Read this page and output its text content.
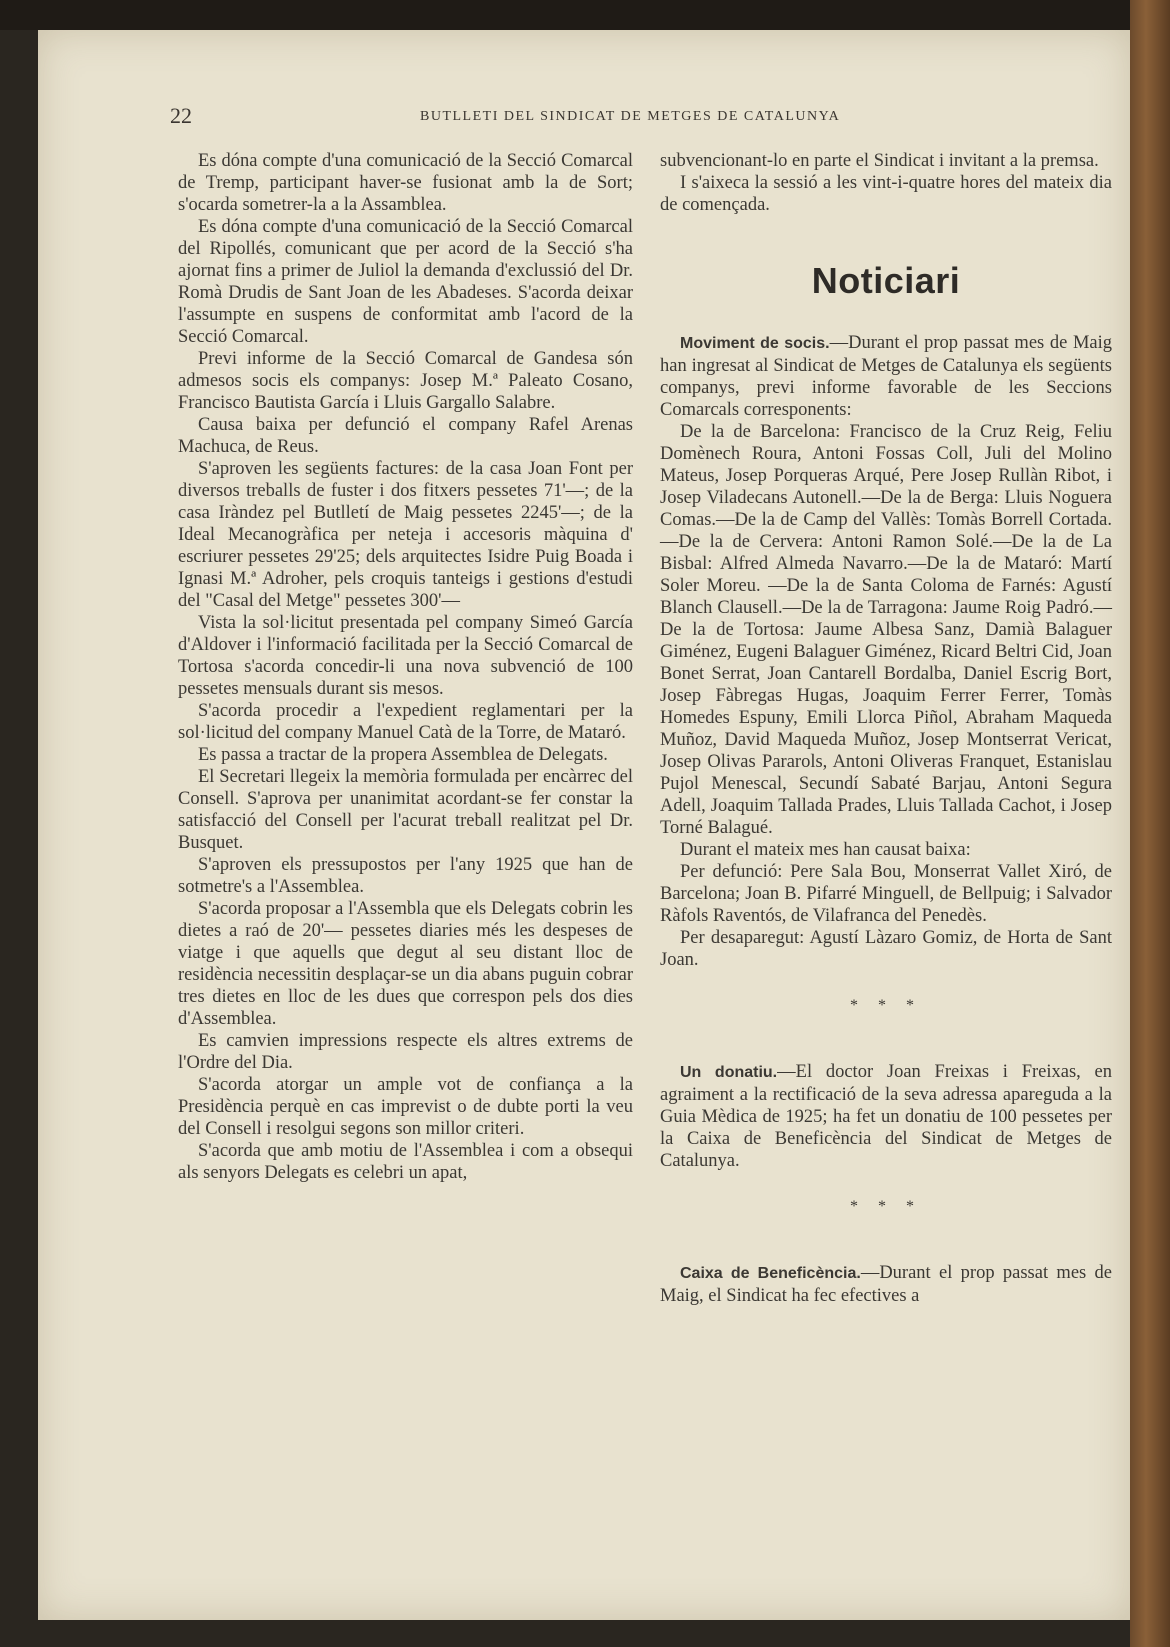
22	BUTLLETI DEL SINDICAT DE METGES DE CATALUNYA

Es dóna compte d'una comunicació de la Secció Comarcal de Tremp, participant haver-se fusionat amb la de Sort; s'ocarda sometrer-la a la Assamblea.

Es dóna compte d'una comunicació de la Secció Comarcal del Ripollés, comunicant que per acord de la Secció s'ha ajornat fins a primer de Juliol la demanda d'exclussió del Dr. Romà Drudis de Sant Joan de les Abadeses. S'acorda deixar l'assumpte en suspens de conformitat amb l'acord de la Secció Comarcal.

Previ informe de la Secció Comarcal de Gandesa són admesos socis els companys: Josep M.ª Paleato Cosano, Francisco Bautista García i Lluis Gargallo Salabre.

Causa baixa per defunció el company Rafel Arenas Machuca, de Reus.

S'aproven les següents factures: de la casa Joan Font per diversos treballs de fuster i dos fitxers pessetes 71'—; de la casa Iràndez pel Butlletí de Maig pessetes 2245'—; de la Ideal Mecanogràfica per neteja i accesoris màquina d' escriurer pessetes 29'25; dels arquitectes Isidre Puig Boada i Ignasi M.ª Adroher, pels croquis tanteigs i gestions d'estudi del "Casal del Metge" pessetes 300'—

Vista la sol·licitut presentada pel company Simeó García d'Aldover i l'informació facilitada per la Secció Comarcal de Tortosa s'acorda concedir-li una nova subvenció de 100 pessetes mensuals durant sis mesos.

S'acorda procedir a l'expedient reglamentari per la sol·licitud del company Manuel Catà de la Torre, de Mataró.

Es passa a tractar de la propera Assemblea de Delegats.

El Secretari llegeix la memòria formulada per encàrrec del Consell. S'aprova per unanimitat acordant-se fer constar la satisfacció del Consell per l'acurat treball realitzat pel Dr. Busquet.

S'aproven els pressupostos per l'any 1925 que han de sotmetre's a l'Assemblea.

S'acorda proposar a l'Assembla que els Delegats cobrin les dietes a raó de 20'— pessetes diaries més les despeses de viatge i que aquells que degut al seu distant lloc de residència necessitin desplaçar-se un dia abans puguin cobrar tres dietes en lloc de les dues que correspon pels dos dies d'Assemblea.

Es camvien impressions respecte els altres extrems de l'Ordre del Dia.

S'acorda atorgar un ample vot de confiança a la Presidència perquè en cas imprevist o de dubte porti la veu del Consell i resolgui segons son millor criteri.

S'acorda que amb motiu de l'Assemblea i com a obsequi als senyors Delegats es celebri un apat,

subvencionant-lo en parte el Sindicat i invitant a la premsa.

I s'aixeca la sessió a les vint-i-quatre hores del mateix dia de començada.

Noticiari

Moviment de socis.—Durant el prop passat mes de Maig han ingresat al Sindicat de Metges de Catalunya els següents companys, previ informe favorable de les Seccions Comarcals corresponents:

De la de Barcelona: Francisco de la Cruz Reig, Feliu Domènech Roura, Antoni Fossas Coll, Juli del Molino Mateus, Josep Porqueras Arqué, Pere Josep Rullàn Ribot, i Josep Viladecans Autonell.—De la de Berga: Lluis Noguera Comas.—De la de Camp del Vallès: Tomàs Borrell Cortada.—De la de Cervera: Antoni Ramon Solé.—De la de La Bisbal: Alfred Almeda Navarro.—De la de Mataró: Martí Soler Moreu. —De la de Santa Coloma de Farnés: Agustí Blanch Clausell.—De la de Tarragona: Jaume Roig Padró.—De la de Tortosa: Jaume Albesa Sanz, Damià Balaguer Giménez, Eugeni Balaguer Giménez, Ricard Beltri Cid, Joan Bonet Serrat, Joan Cantarell Bordalba, Daniel Escrig Bort, Josep Fàbregas Hugas, Joaquim Ferrer Ferrer, Tomàs Homedes Espuny, Emili Llorca Piñol, Abraham Maqueda Muñoz, David Maqueda Muñoz, Josep Montserrat Vericat, Josep Olivas Pararols, Antoni Oliveras Franquet, Estanislau Pujol Menescal, Secundí Sabaté Barjau, Antoni Segura Adell, Joaquim Tallada Prades, Lluis Tallada Cachot, i Josep Torné Balagué.

Durant el mateix mes han causat baixa:

Per defunció: Pere Sala Bou, Monserrat Vallet Xiró, de Barcelona; Joan B. Pifarré Minguell, de Bellpuig; i Salvador Ràfols Raventós, de Vilafranca del Penedès.

Per desaparegut: Agustí Làzaro Gomiz, de Horta de Sant Joan.

* * *

Un donatiu.—El doctor Joan Freixas i Freixas, en agraiment a la rectificació de la seva adressa apareguda a la Guia Mèdica de 1925; ha fet un donatiu de 100 pessetes per la Caixa de Beneficència del Sindicat de Metges de Catalunya.

* * *

Caixa de Beneficència.—Durant el prop passat mes de Maig, el Sindicat ha fec efectives a
